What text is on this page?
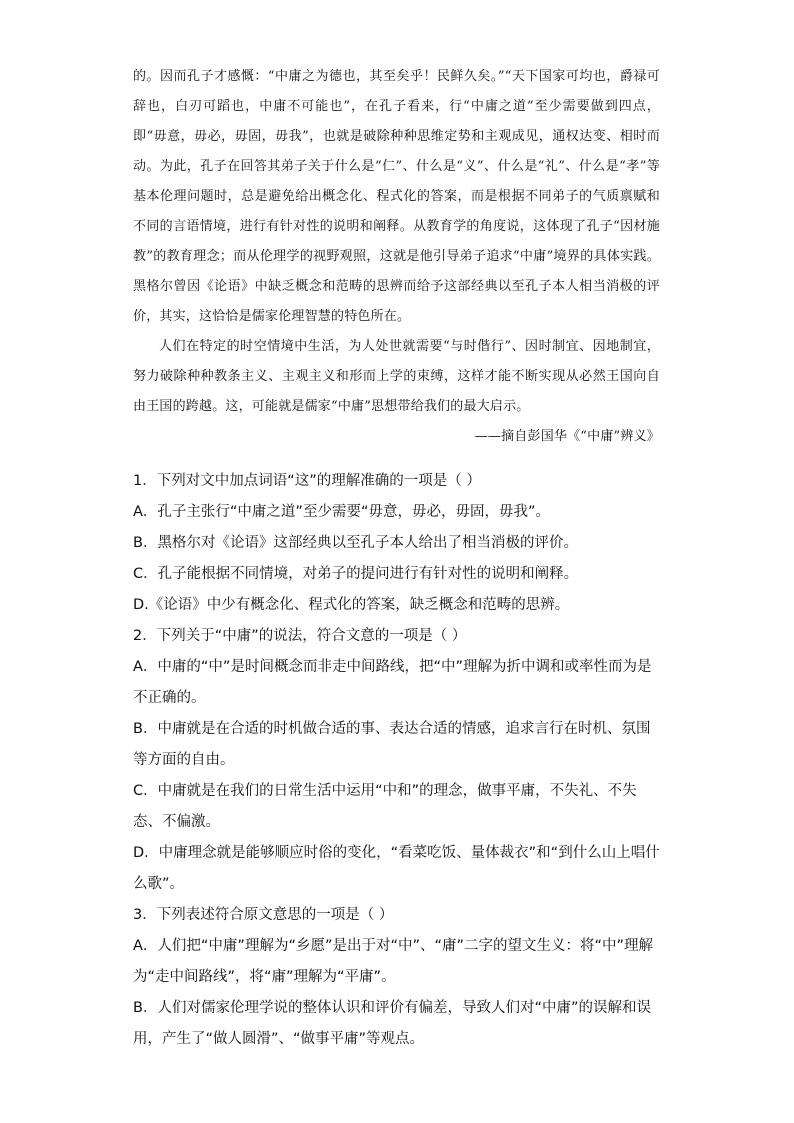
的。因而孔子才感慨：“中庸之为德也，其至矣乎！民鲜久矣。”“天下国家可均也，爵禄可辞也，白刃可蹈也，中庸不可能也”，在孔子看来，行“中庸之道”至少需要做到四点，即“毋意，毋必，毋固，毋我”，也就是破除种种思维定势和主观成见，通权达变、相时而动。为此，孔子在回答其弟子关于什么是“仁”、什么是“义”、什么是“礼”、什么是“孝”等基本伦理问题时，总是避免给出概念化、程式化的答案，而是根据不同弟子的气质禀赋和不同的言语情境，进行有针对性的说明和阐释。从教育学的角度说，这体现了孔子“因材施教”的教育理念；而从伦理学的视野观照，这就是他引导弟子追求“中庸”境界的具体实践。黑格尔曾因《论语》中缺乏概念和范畴的思辨而给予这部经典以至孔子本人相当消极的评价，其实，这恰恰是儒家伦理智慧的特色所在。

人们在特定的时空情境中生活，为人处世就需要“与时偕行”、因时制宜、因地制宜，努力破除种种教条主义、主观主义和形而上学的束缚，这样才能不断实现从必然王国向自由王国的跨越。这，可能就是儒家“中庸”思想带给我们的最大启示。

——摘自彭国华《“中庸”辨义》

1．下列对文中加点词语“这”的理解准确的一项是（ ）

A．孔子主张行“中庸之道”至少需要“毋意，毋必，毋固，毋我”。

B．黑格尔对《论语》这部经典以至孔子本人给出了相当消极的评价。

C．孔子能根据不同情境，对弟子的提问进行有针对性的说明和阐释。

D.《论语》中少有概念化、程式化的答案，缺乏概念和范畴的思辨。

2．下列关于“中庸”的说法，符合文意的一项是（ ）

A．中庸的“中”是时间概念而非走中间路线，把“中”理解为折中调和或率性而为是不正确的。

B．中庸就是在合适的时机做合适的事、表达合适的情感，追求言行在时机、氛围等方面的自由。

C．中庸就是在我们的日常生活中运用“中和”的理念，做事平庸，不失礼、不失态、不偏激。

D．中庸理念就是能够顺应时俗的变化，“看菜吃饭、量体裁衣”和“到什么山上唱什么歌”。

3．下列表述符合原文意思的一项是（ ）

A．人们把“中庸”理解为“乡愿”是出于对“中”、“庸”二字的望文生义：将“中”理解为“走中间路线”，将“庸”理解为“平庸”。

B．人们对儒家伦理学说的整体认识和评价有偏差，导致人们对“中庸”的误解和误用，产生了“做人圆滑”、“做事平庸”等观点。
